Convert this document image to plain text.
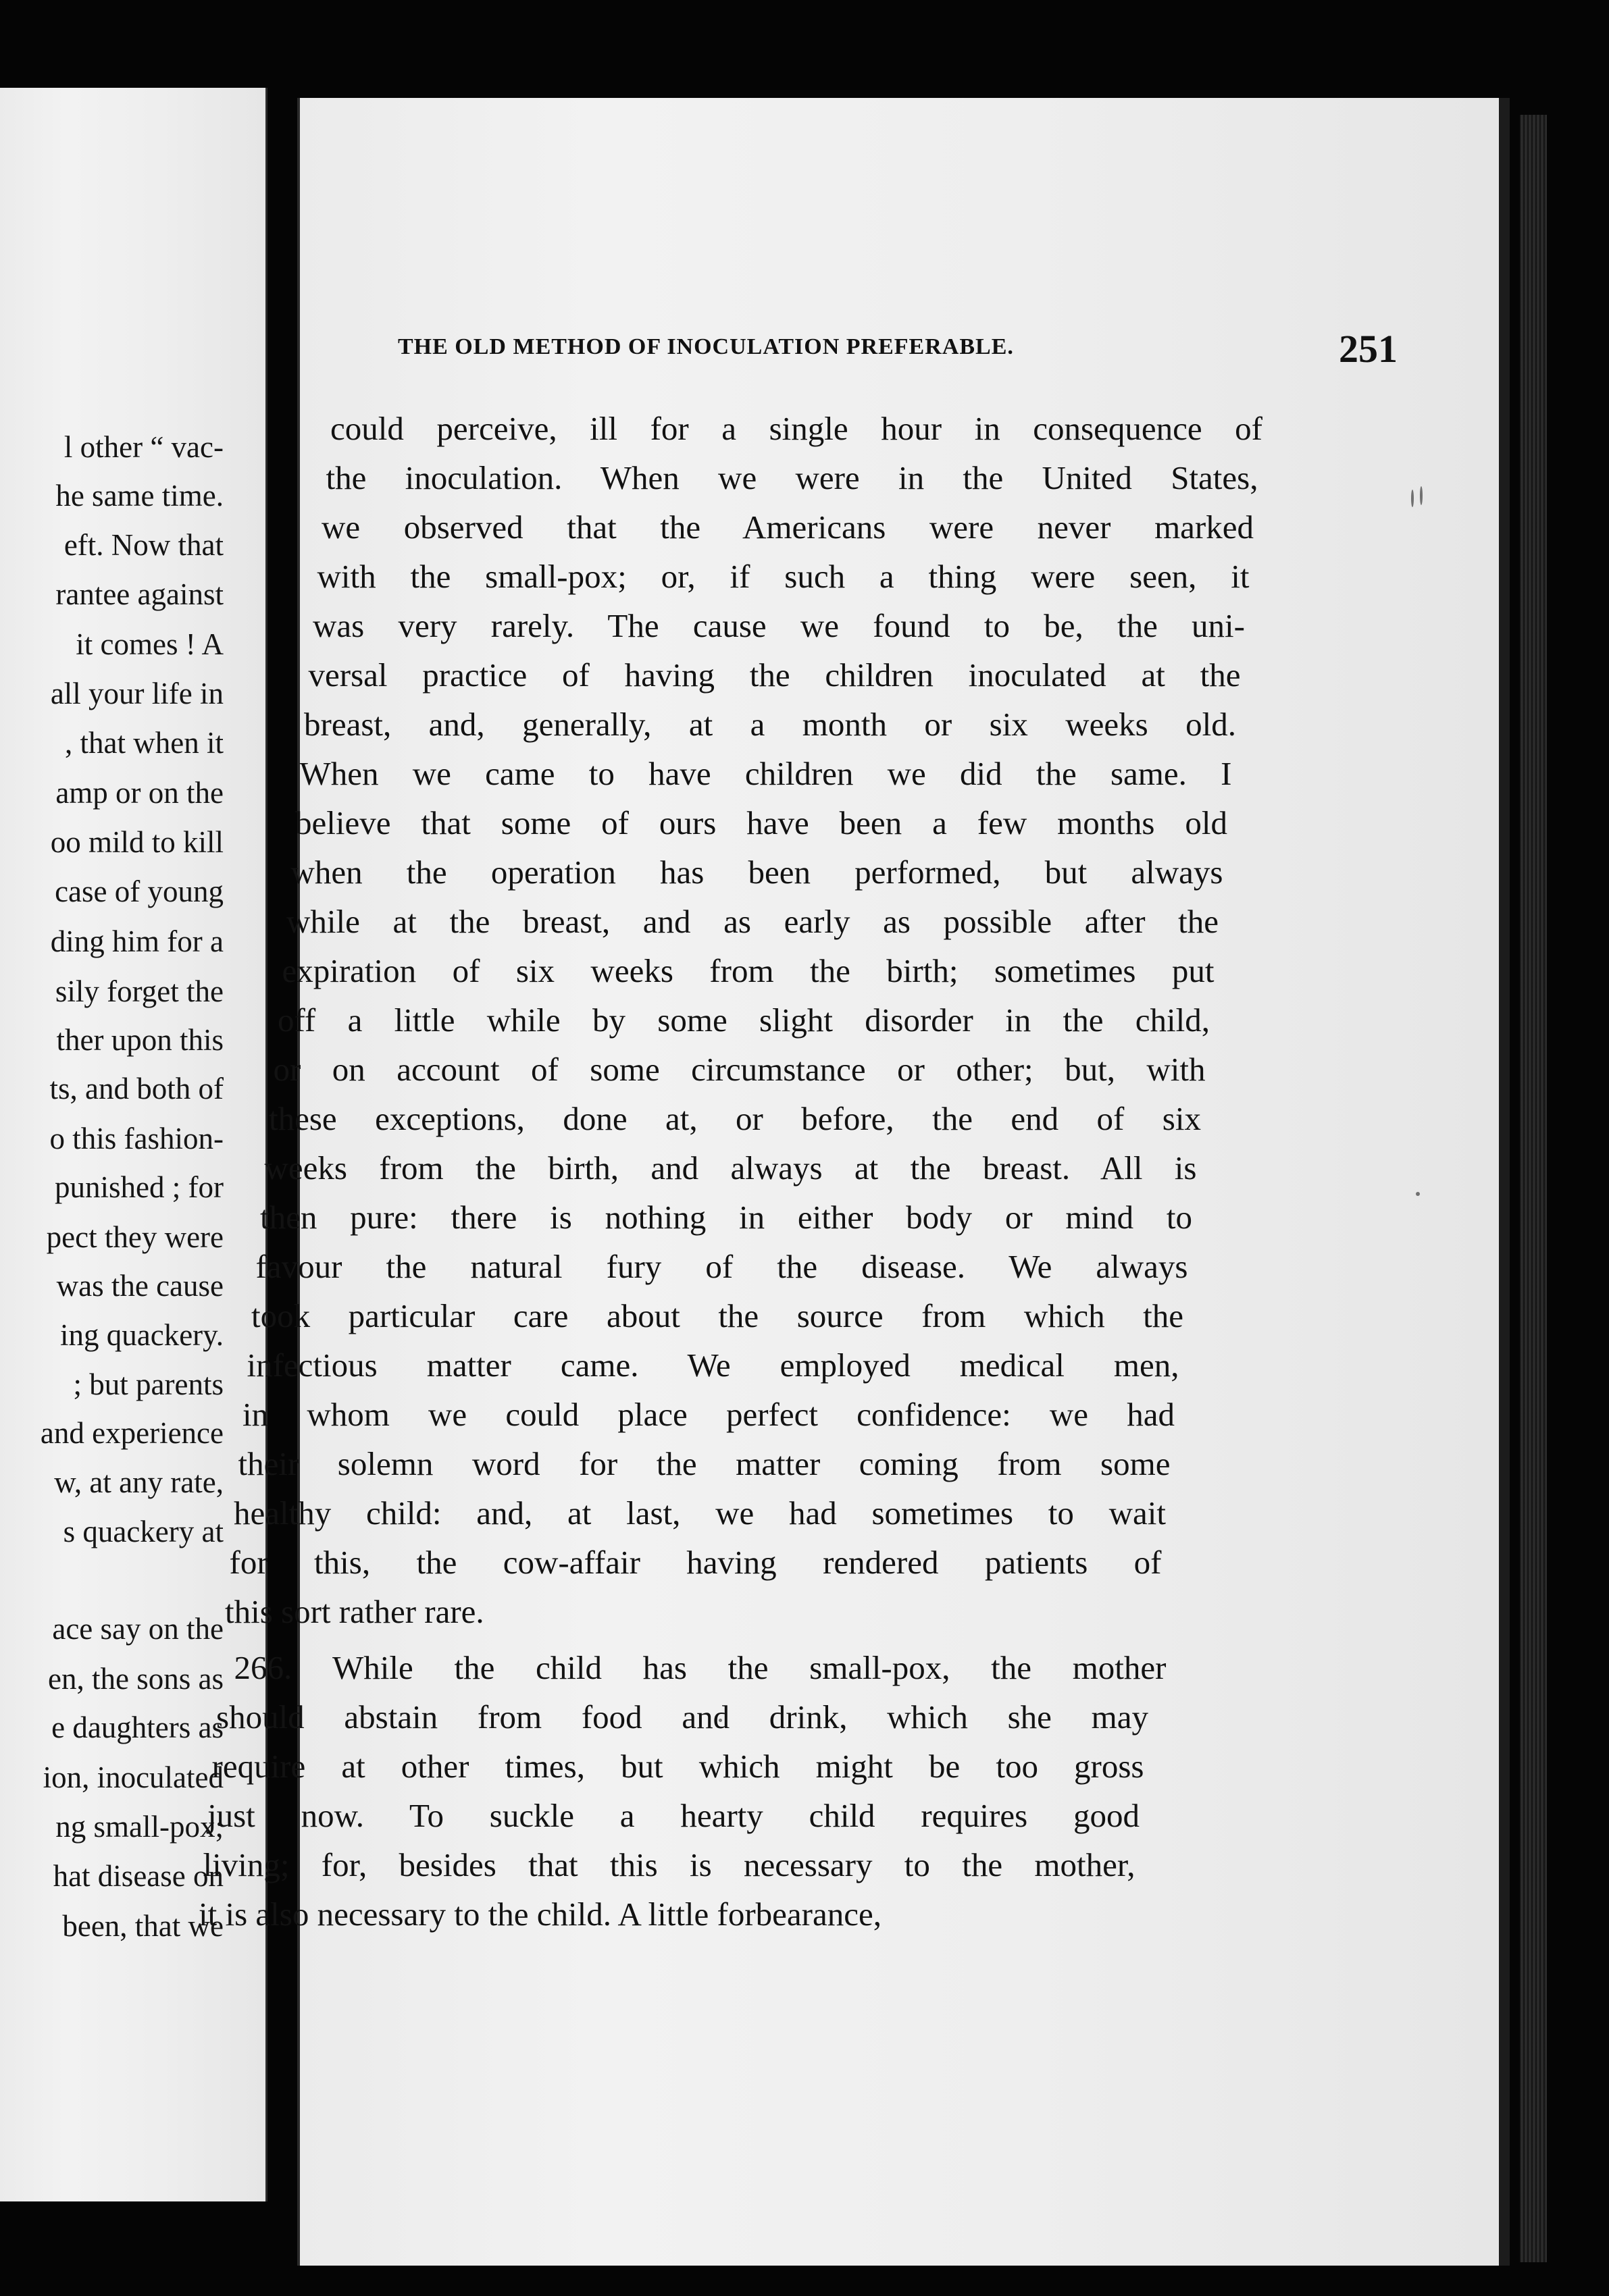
l other “ vac-
he same time.
eft. Now that
rantee against
it comes ! A
all your life in
, that when it
amp or on the
oo mild to kill
case of young
ding him for a
sily forget the
ther upon this
ts, and both of
o this fashion-
punished ; for
pect they were
was the cause
ing quackery.
; but parents
and experience
w, at any rate,
s quackery at
ace say on the
en, the sons as
e daughters as
ion, inoculated
ng small-pox;
hat disease on
been, that we
THE OLD METHOD OF INOCULATION PREFERABLE.	251
could perceive, ill for a single hour in consequence of
the inoculation. When we were in the United States,
we observed that the Americans were never marked
with the small-pox; or, if such a thing were seen, it
was very rarely. The cause we found to be, the uni-
versal practice of having the children inoculated at the
breast, and, generally, at a month or six weeks old.
When we came to have children we did the same. I
believe that some of ours have been a few months old
when the operation has been performed, but always
while at the breast, and as early as possible after the
expiration of six weeks from the birth; sometimes put
off a little while by some slight disorder in the child,
or on account of some circumstance or other; but, with
these exceptions, done at, or before, the end of six
weeks from the birth, and always at the breast. All is
then pure: there is nothing in either body or mind to
favour the natural fury of the disease. We always
took particular care about the source from which the
infectious matter came. We employed medical men,
in whom we could place perfect confidence: we had
their solemn word for the matter coming from some
healthy child: and, at last, we had sometimes to wait
for this, the cow-affair having rendered patients of
this sort rather rare.
266. While the child has the small-pox, the mother
should abstain from food and drink, which she may
require at other times, but which might be too gross
just now. To suckle a hearty child requires good
living; for, besides that this is necessary to the mother,
it is also necessary to the child. A little forbearance,
